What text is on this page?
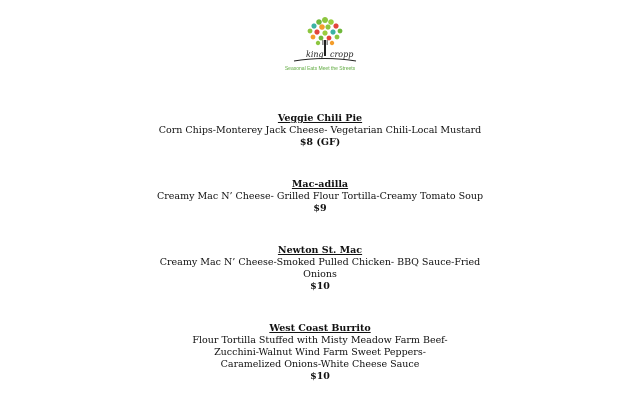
king cropp
Seasonal Eats Meet the Streets
Veggie Chili Pie
Corn Chips-Monterey Jack Cheese- Vegetarian Chili-Local Mustard
$8 (GF)
Mac-adilla
Creamy Mac N’ Cheese- Grilled Flour Tortilla-Creamy Tomato Soup
$9
Newton St. Mac
Creamy Mac N’ Cheese-Smoked Pulled Chicken- BBQ Sauce-Fried
Onions
$10
West Coast Burrito
Flour Tortilla Stuffed with Misty Meadow Farm Beef-
Zucchini-Walnut Wind Farm Sweet Peppers-
Caramelized Onions-White Cheese Sauce
$10
